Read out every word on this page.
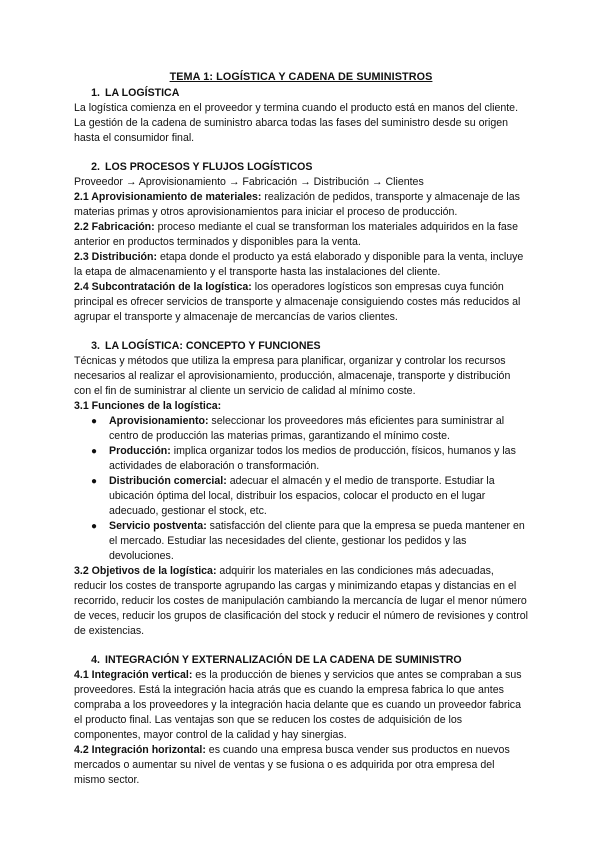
TEMA 1: LOGÍSTICA Y CADENA DE SUMINISTROS

1. LA LOGÍSTICA

La logística comienza en el proveedor y termina cuando el producto está en manos del cliente. La gestión de la cadena de suministro abarca todas las fases del suministro desde su origen hasta el consumidor final.

2. LOS PROCESOS Y FLUJOS LOGÍSTICOS

Proveedor → Aprovisionamiento → Fabricación → Distribución → Clientes

2.1 Aprovisionamiento de materiales: realización de pedidos, transporte y almacenaje de las materias primas y otros aprovisionamientos para iniciar el proceso de producción.

2.2 Fabricación: proceso mediante el cual se transforman los materiales adquiridos en la fase anterior en productos terminados y disponibles para la venta.

2.3 Distribución: etapa donde el producto ya está elaborado y disponible para la venta, incluye la etapa de almacenamiento y el transporte hasta las instalaciones del cliente.

2.4 Subcontratación de la logística: los operadores logísticos son empresas cuya función principal es ofrecer servicios de transporte y almacenaje consiguiendo costes más reducidos al agrupar el transporte y almacenaje de mercancías de varios clientes.

3. LA LOGÍSTICA: CONCEPTO Y FUNCIONES

Técnicas y métodos que utiliza la empresa para planificar, organizar y controlar los recursos necesarios al realizar el aprovisionamiento, producción, almacenaje, transporte y distribución con el fin de suministrar al cliente un servicio de calidad al mínimo coste.

3.1 Funciones de la logística:

● Aprovisionamiento: seleccionar los proveedores más eficientes para suministrar al centro de producción las materias primas, garantizando el mínimo coste.
● Producción: implica organizar todos los medios de producción, físicos, humanos y las actividades de elaboración o transformación.
● Distribución comercial: adecuar el almacén y el medio de transporte. Estudiar la ubicación óptima del local, distribuir los espacios, colocar el producto en el lugar adecuado, gestionar el stock, etc.
● Servicio postventa: satisfacción del cliente para que la empresa se pueda mantener en el mercado. Estudiar las necesidades del cliente, gestionar los pedidos y las devoluciones.

3.2 Objetivos de la logística: adquirir los materiales en las condiciones más adecuadas, reducir los costes de transporte agrupando las cargas y minimizando etapas y distancias en el recorrido, reducir los costes de manipulación cambiando la mercancía de lugar el menor número de veces, reducir los grupos de clasificación del stock y reducir el número de revisiones y control de existencias.

4. INTEGRACIÓN Y EXTERNALIZACIÓN DE LA CADENA DE SUMINISTRO

4.1 Integración vertical: es la producción de bienes y servicios que antes se compraban a sus proveedores. Está la integración hacia atrás que es cuando la empresa fabrica lo que antes compraba a los proveedores y la integración hacia delante que es cuando un proveedor fabrica el producto final. Las ventajas son que se reducen los costes de adquisición de los componentes, mayor control de la calidad y hay sinergias.

4.2 Integración horizontal: es cuando una empresa busca vender sus productos en nuevos mercados o aumentar su nivel de ventas y se fusiona o es adquirida por otra empresa del mismo sector.
